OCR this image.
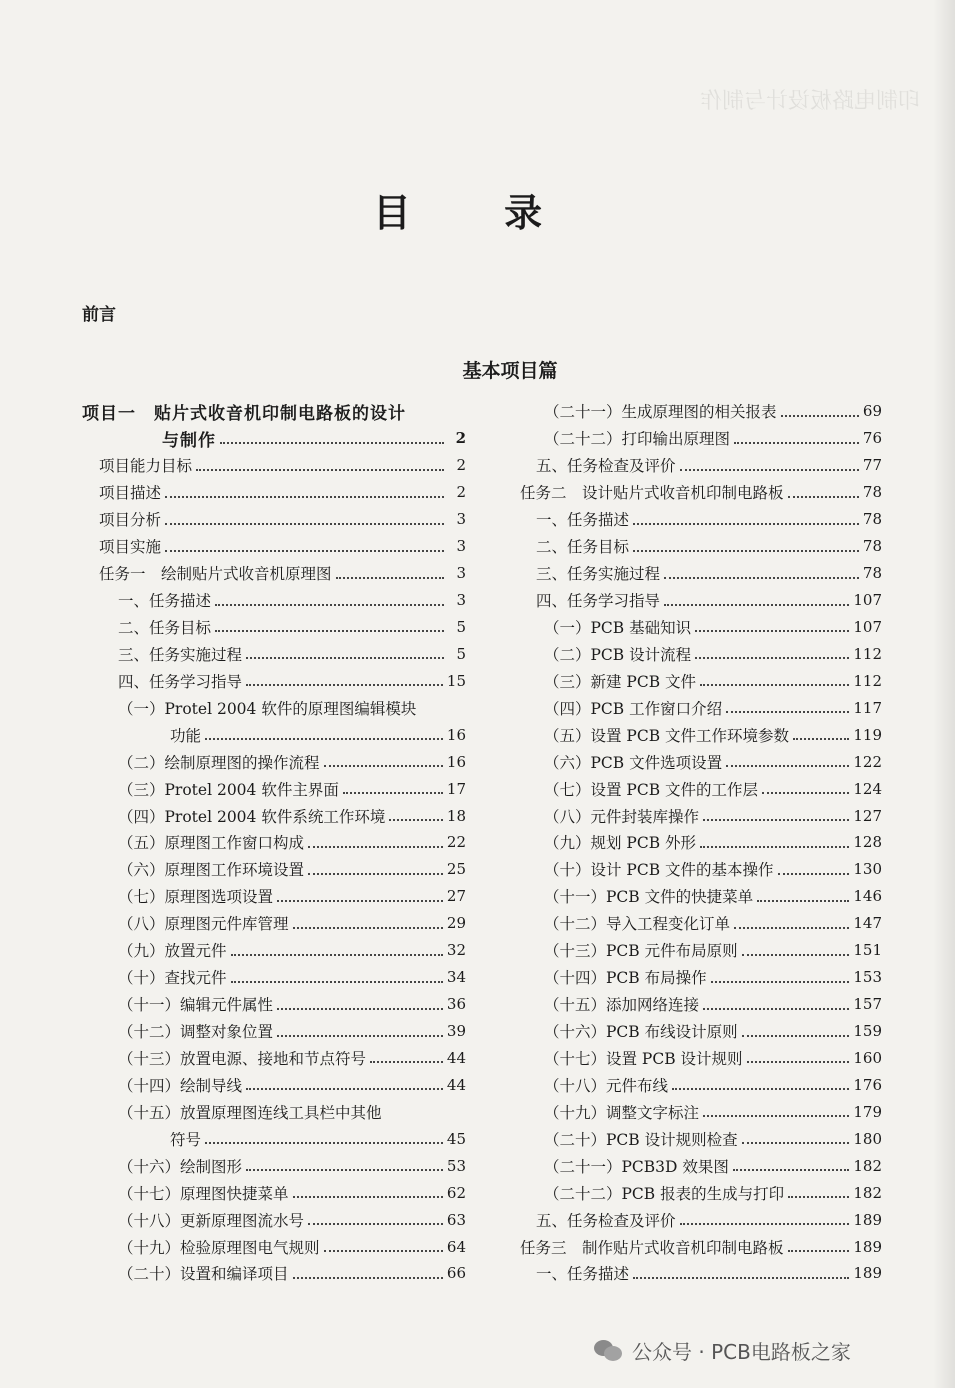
印制电路板设计与制作
目 录
前言
基本项目篇
项目一　贴片式收音机印制电路板的设计
与制作	2
项目能力目标	2
项目描述	2
项目分析	3
项目实施	3
任务一　绘制贴片式收音机原理图	3
一、任务描述	3
二、任务目标	5
三、任务实施过程	5
四、任务学习指导	15
（一）Protel 2004 软件的原理图编辑模块
功能	16
（二）绘制原理图的操作流程	16
（三）Protel 2004 软件主界面	17
（四）Protel 2004 软件系统工作环境	18
（五）原理图工作窗口构成	22
（六）原理图工作环境设置	25
（七）原理图选项设置	27
（八）原理图元件库管理	29
（九）放置元件	32
（十）查找元件	34
（十一）编辑元件属性	36
（十二）调整对象位置	39
（十三）放置电源、接地和节点符号	44
（十四）绘制导线	44
（十五）放置原理图连线工具栏中其他
符号	45
（十六）绘制图形	53
（十七）原理图快捷菜单	62
（十八）更新原理图流水号	63
（十九）检验原理图电气规则	64
（二十）设置和编译项目	66
（二十一）生成原理图的相关报表	69
（二十二）打印输出原理图	76
五、任务检查及评价	77
任务二　设计贴片式收音机印制电路板	78
一、任务描述	78
二、任务目标	78
三、任务实施过程	78
四、任务学习指导	107
（一）PCB 基础知识	107
（二）PCB 设计流程	112
（三）新建 PCB 文件	112
（四）PCB 工作窗口介绍	117
（五）设置 PCB 文件工作环境参数	119
（六）PCB 文件选项设置	122
（七）设置 PCB 文件的工作层	124
（八）元件封装库操作	127
（九）规划 PCB 外形	128
（十）设计 PCB 文件的基本操作	130
（十一）PCB 文件的快捷菜单	146
（十二）导入工程变化订单	147
（十三）PCB 元件布局原则	151
（十四）PCB 布局操作	153
（十五）添加网络连接	157
（十六）PCB 布线设计原则	159
（十七）设置 PCB 设计规则	160
（十八）元件布线	176
（十九）调整文字标注	179
（二十）PCB 设计规则检查	180
（二十一）PCB3D 效果图	182
（二十二）PCB 报表的生成与打印	182
五、任务检查及评价	189
任务三　制作贴片式收音机印制电路板	189
一、任务描述	189
公众号 · PCB电路板之家
